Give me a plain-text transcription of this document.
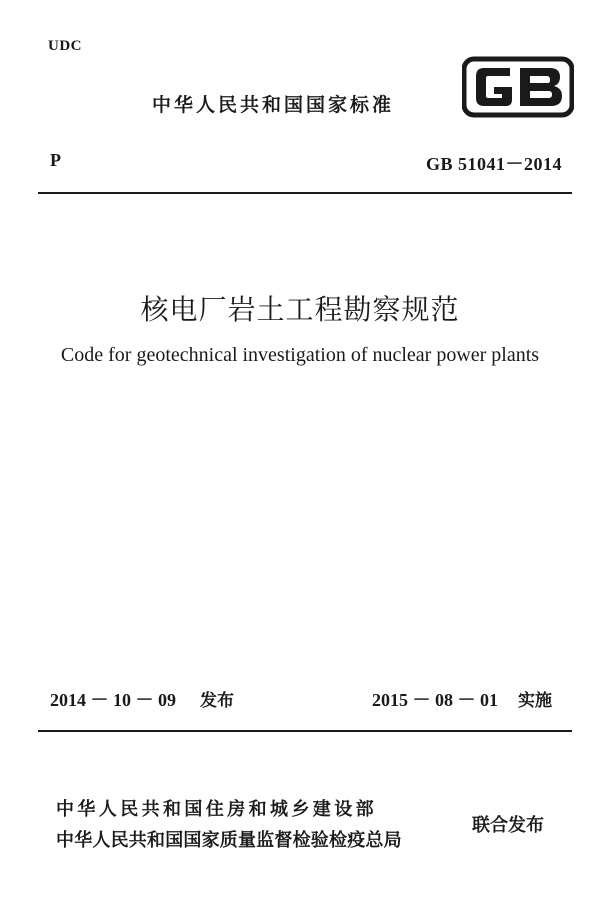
UDC
中华人民共和国国家标准
P	GB 51041－2014
核电厂岩土工程勘察规范
Code for geotechnical investigation of nuclear power plants
2014 － 10 － 09 发布	2015 － 08 － 01 实施
中华人民共和国住房和城乡建设部
中华人民共和国国家质量监督检验检疫总局
联合发布
